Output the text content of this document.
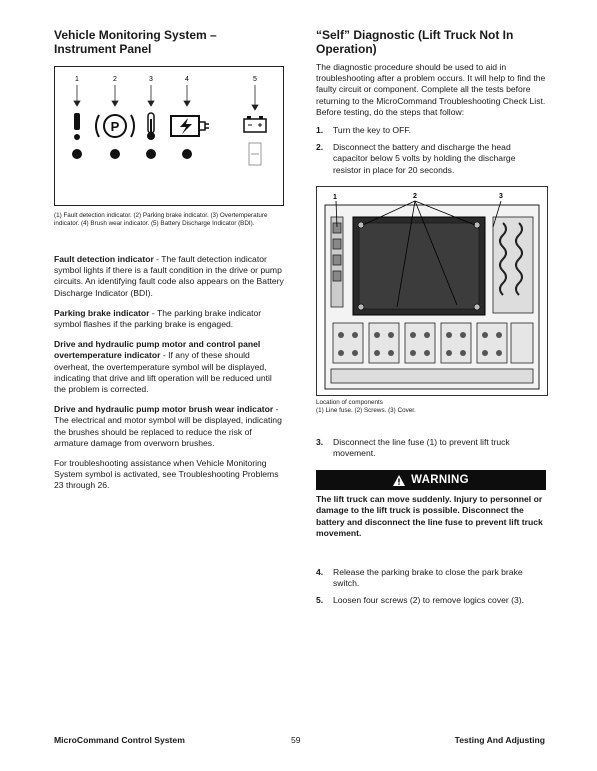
Vehicle Monitoring System –
Instrument Panel
1	2	3	4	5
P

(1) Fault detection indicator. (2) Parking brake indicator. (3) Overtemperature indicator. (4) Brush wear indicator. (5) Battery Discharge Indicator (BDI).

Fault detection indicator - The fault detection indicator symbol lights if there is a fault condition in the drive or pump circuits. An identifying fault code also appears on the Battery Discharge Indicator (BDI).

Parking brake indicator - The parking brake indicator symbol flashes if the parking brake is engaged.

Drive and hydraulic pump motor and control panel overtemperature indicator - If any of these should overheat, the overtemperature symbol will be displayed, indicating that drive and lift operation will be reduced until the problem is corrected.

Drive and hydraulic pump motor brush wear indicator - The electrical and motor symbol will be displayed, indicating the brushes should be replaced to reduce the risk of armature damage from overworn brushes.

For troubleshooting assistance when Vehicle Monitoring System symbol is activated, see Troubleshooting Problems 23 through 26.

“Self” Diagnostic (Lift Truck Not In Operation)

The diagnostic procedure should be used to aid in troubleshooting after a problem occurs. It will help to find the faulty circuit or component. Complete all the tests before returning to the MicroCommand Troubleshooting Check List. Before testing, do the steps that follow:

1. Turn the key to OFF.
2. Disconnect the battery and discharge the head capacitor below 5 volts by holding the discharge resistor in place for 20 seconds.
1	2	3

Location of components

(1) Line fuse. (2) Screws. (3) Cover.

3. Disconnect the line fuse (1) to prevent lift truck movement.
WARNING

The lift truck can move suddenly. Injury to personnel or damage to the lift truck is possible. Disconnect the battery and disconnect the line fuse to prevent lift truck movement.

4. Release the parking brake to close the park brake switch.
5. Loosen four screws (2) to remove logics cover (3).
MicroCommand Control System	59	Testing And Adjusting
